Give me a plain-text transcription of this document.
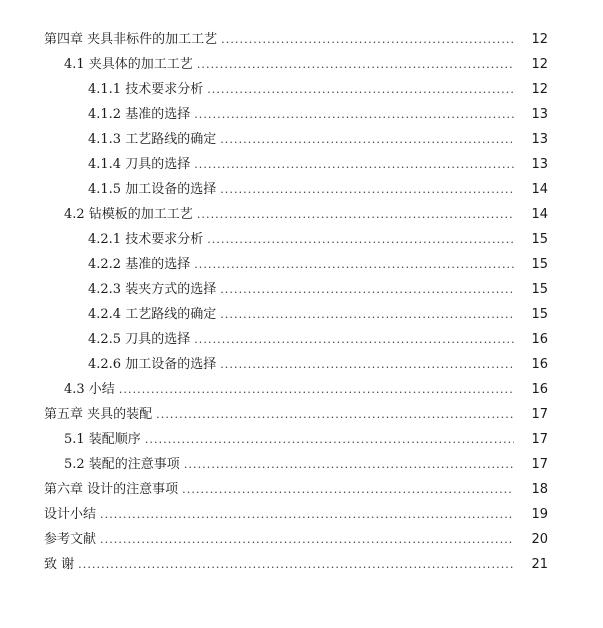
第四章 夹具非标件的加工工艺 . . .	12
4.1 夹具体的加工工艺 . . .	12
4.1.1 技术要求分析 . . .	12
4.1.2 基准的选择 . . .	13
4.1.3 工艺路线的确定 . . .	13
4.1.4 刀具的选择 . . .	13
4.1.5 加工设备的选择 . . .	14
4.2 钻模板的加工工艺 . . .	14
4.2.1 技术要求分析 . . .	15
4.2.2 基准的选择 . . .	15
4.2.3 装夹方式的选择 . . .	15
4.2.4 工艺路线的确定 . . .	15
4.2.5 刀具的选择 . . .	16
4.2.6 加工设备的选择 . . .	16
4.3 小结 . . .	16
第五章 夹具的装配 . . .	17
5.1 装配顺序 . . .	17
5.2 装配的注意事项 . . .	17
第六章 设计的注意事项 . . .	18
设计小结 . . .	19
参考文献 . . .	20
致 谢 . . .	21
